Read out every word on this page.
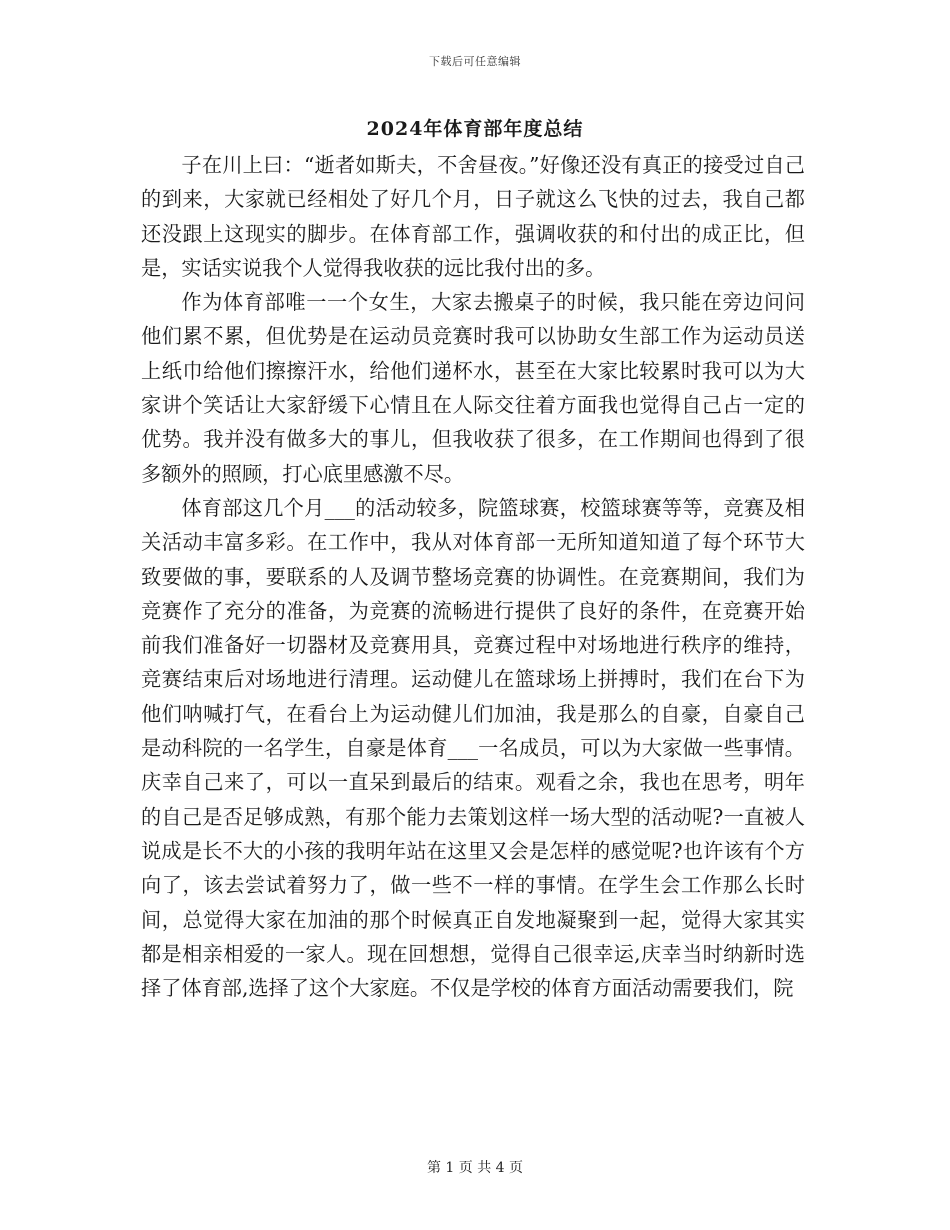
下载后可任意编辑
2024年体育部年度总结

子在川上曰：“逝者如斯夫，不舍昼夜。”好像还没有真正的接受过自己的到来，大家就已经相处了好几个月，日子就这么飞快的过去，我自己都还没跟上这现实的脚步。在体育部工作，强调收获的和付出的成正比，但是，实话实说我个人觉得我收获的远比我付出的多。

作为体育部唯一一个女生，大家去搬桌子的时候，我只能在旁边问问他们累不累，但优势是在运动员竞赛时我可以协助女生部工作为运动员送上纸巾给他们擦擦汗水，给他们递杯水，甚至在大家比较累时我可以为大家讲个笑话让大家舒缓下心情且在人际交往着方面我也觉得自己占一定的优势。我并没有做多大的事儿，但我收获了很多，在工作期间也得到了很多额外的照顾，打心底里感激不尽。

体育部这几个月___的活动较多，院篮球赛，校篮球赛等等，竞赛及相关活动丰富多彩。在工作中，我从对体育部一无所知道知道了每个环节大致要做的事，要联系的人及调节整场竞赛的协调性。在竞赛期间，我们为竞赛作了充分的准备，为竞赛的流畅进行提供了良好的条件，在竞赛开始前我们准备好一切器材及竞赛用具，竞赛过程中对场地进行秩序的维持，竞赛结束后对场地进行清理。运动健儿在篮球场上拼搏时，我们在台下为他们呐喊打气，在看台上为运动健儿们加油，我是那么的自豪，自豪自己是动科院的一名学生，自豪是体育___一名成员，可以为大家做一些事情。庆幸自己来了，可以一直呆到最后的结束。观看之余，我也在思考，明年的自己是否足够成熟，有那个能力去策划这样一场大型的活动呢?一直被人说成是长不大的小孩的我明年站在这里又会是怎样的感觉呢?也许该有个方向了，该去尝试着努力了，做一些不一样的事情。在学生会工作那么长时间，总觉得大家在加油的那个时候真正自发地凝聚到一起，觉得大家其实都是相亲相爱的一家人。现在回想想，觉得自己很幸运,庆幸当时纳新时选择了体育部,选择了这个大家庭。不仅是学校的体育方面活动需要我们，院

第 1 页 共 4 页
